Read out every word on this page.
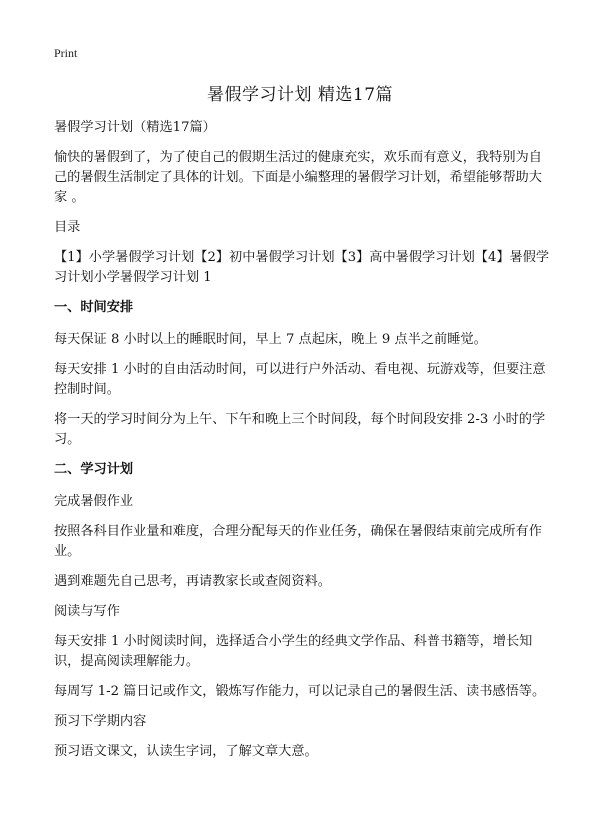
Print
暑假学习计划 精选17篇

暑假学习计划（精选17篇）

愉快的暑假到了，为了使自己的假期生活过的健康充实，欢乐而有意义，我特别为自己的暑假生活制定了具体的计划。下面是小编整理的暑假学习计划，希望能够帮助大家 。

目录

【1】小学暑假学习计划【2】初中暑假学习计划【3】高中暑假学习计划【4】暑假学习计划小学暑假学习计划 1

一、时间安排

每天保证 8 小时以上的睡眠时间，早上 7 点起床，晚上 9 点半之前睡觉。

每天安排 1 小时的自由活动时间，可以进行户外活动、看电视、玩游戏等，但要注意控制时间。

将一天的学习时间分为上午、下午和晚上三个时间段，每个时间段安排 2-3 小时的学习。

二、学习计划

完成暑假作业

按照各科目作业量和难度，合理分配每天的作业任务，确保在暑假结束前完成所有作业。

遇到难题先自己思考，再请教家长或查阅资料。

阅读与写作

每天安排 1 小时阅读时间，选择适合小学生的经典文学作品、科普书籍等，增长知识，提高阅读理解能力。

每周写 1-2 篇日记或作文，锻炼写作能力，可以记录自己的暑假生活、读书感悟等。

预习下学期内容

预习语文课文，认读生字词，了解文章大意。
